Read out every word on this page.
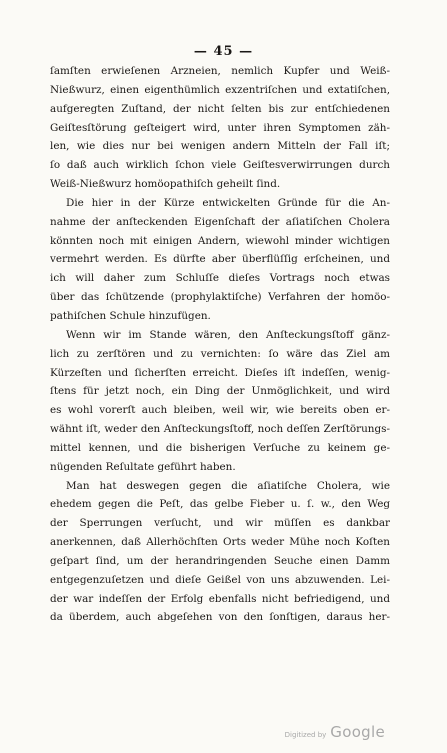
— 45 —
ſamſten erwieſenen Arzneien, nemlich Kupfer und Weiß-
Nießwurz, einen eigenthümlich exzentriſchen und extatiſchen,
aufgeregten Zuſtand, der nicht ſelten bis zur entſchiedenen
Geiſtesſtörung geſteigert wird, unter ihren Symptomen zäh-
len, wie dies nur bei wenigen andern Mitteln der Fall iſt;
ſo daß auch wirklich ſchon viele Geiſtesverwirrungen durch
Weiß-Nießwurz homöopathiſch geheilt ſind.
Die hier in der Kürze entwickelten Gründe für die An-
nahme der anſteckenden Eigenſchaft der aſiatiſchen Cholera
könnten noch mit einigen Andern, wiewohl minder wichtigen
vermehrt werden. Es dürfte aber überflüſſig erſcheinen, und
ich will daher zum Schluſſe dieſes Vortrags noch etwas
über das ſchützende (prophylaktiſche) Verfahren der homöo-
pathiſchen Schule hinzufügen.
Wenn wir im Stande wären, den Anſteckungsſtoff gänz-
lich zu zerſtören und zu vernichten: ſo wäre das Ziel am
Kürzeſten und ſicherſten erreicht. Dieſes iſt indeſſen, wenig-
ſtens für jetzt noch, ein Ding der Unmöglichkeit, und wird
es wohl vorerſt auch bleiben, weil wir, wie bereits oben er-
wähnt iſt, weder den Anſteckungsſtoff, noch deſſen Zerſtörungs-
mittel kennen, und die bisherigen Verſuche zu keinem ge-
nügenden Reſultate geführt haben.
Man hat deswegen gegen die aſiatiſche Cholera, wie
ehedem gegen die Peſt, das gelbe Fieber u. ſ. w., den Weg
der Sperrungen verſucht, und wir müſſen es dankbar
anerkennen, daß Allerhöchſten Orts weder Mühe noch Koſten
geſpart ſind, um der herandringenden Seuche einen Damm
entgegenzuſetzen und dieſe Geißel von uns abzuwenden. Lei-
der war indeſſen der Erfolg ebenfalls nicht befriedigend, und
da überdem, auch abgeſehen von den ſonſtigen, daraus her-
Digitized by Google
